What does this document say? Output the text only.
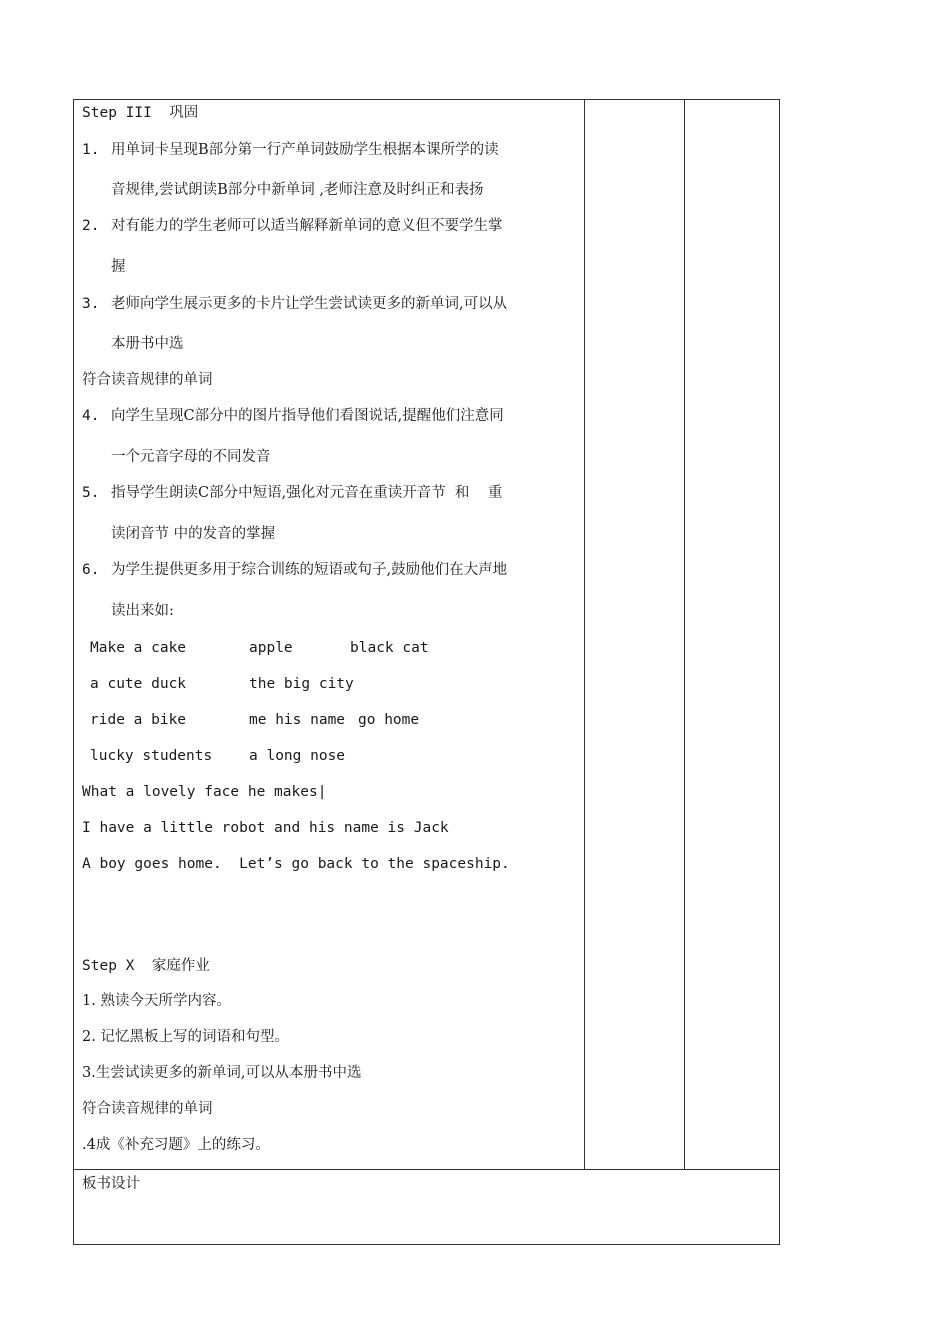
Step III  巩固
1. 用单词卡呈现B部分第一行产单词鼓励学生根据本课所学的读
音规律,尝试朗读B部分中新单词 ,老师注意及时纠正和表扬
2. 对有能力的学生老师可以适当解释新单词的意义但不要学生掌
握
3. 老师向学生展示更多的卡片让学生尝试读更多的新单词,可以从
本册书中选
符合读音规律的单词
4. 向学生呈现C部分中的图片指导他们看图说话,提醒他们注意同
一个元音字母的不同发音
5. 指导学生朗读C部分中短语,强化对元音在重读开音节  和    重
读闭音节 中的发音的掌握
6. 为学生提供更多用于综合训练的短语或句子,鼓励他们在大声地
读出来如:
Make a cake	apple	black cat
a cute duck	the big city
ride a bike	me his name go home
lucky students	a long nose
What a lovely face he makes|
I have a little robot and his name is Jack
A boy goes home.  Let’s go back to the spaceship.
Step X  家庭作业
1. 熟读今天所学内容。
2. 记忆黑板上写的词语和句型。
3.生尝试读更多的新单词,可以从本册书中选
符合读音规律的单词
.4成《补充习题》上的练习。
板书设计
